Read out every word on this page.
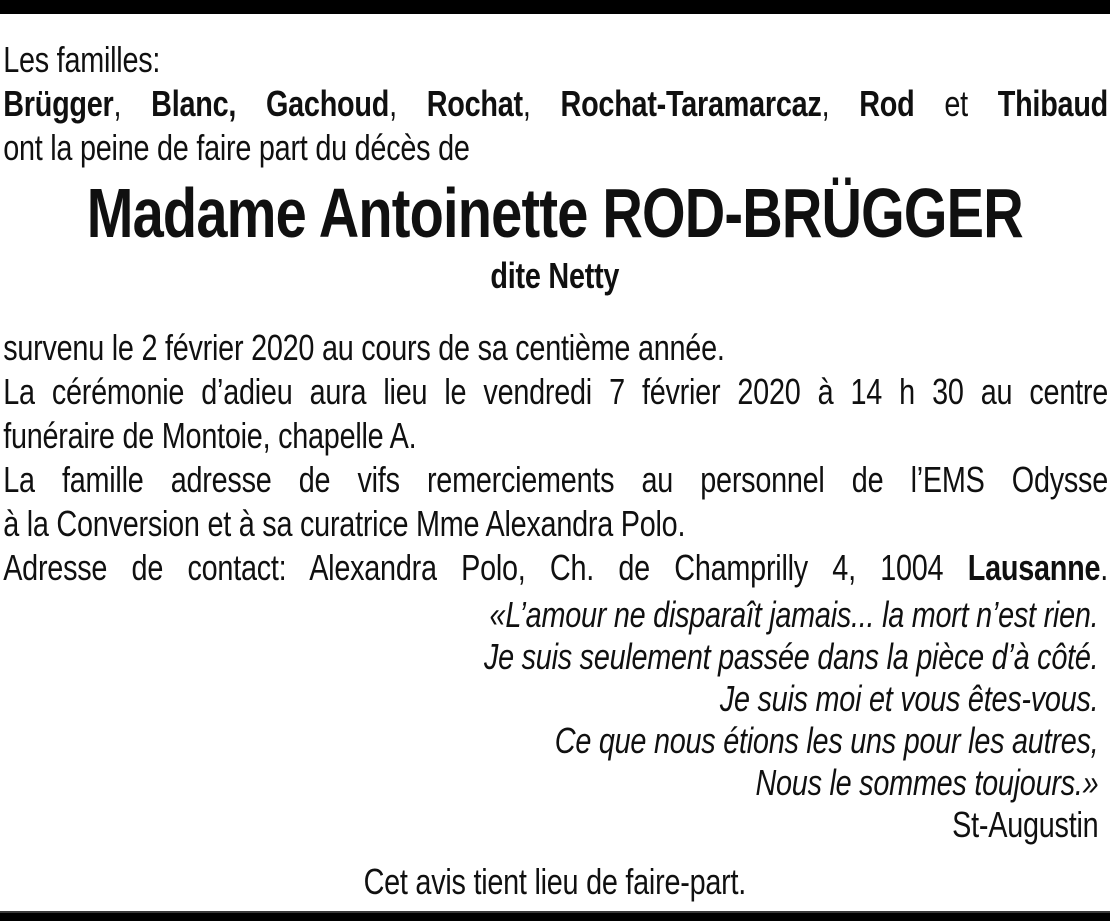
Les familles:
Brügger, Blanc, Gachoud, Rochat, Rochat-Taramarcaz, Rod et Thibaud
ont la peine de faire part du décès de
Madame Antoinette ROD-BRÜGGER
dite Netty
survenu le 2 février 2020 au cours de sa centième année.
La cérémonie d’adieu aura lieu le vendredi 7 février 2020 à 14 h 30 au centre
funéraire de Montoie, chapelle A.
La famille adresse de vifs remerciements au personnel de l’EMS Odysse
à la Conversion et à sa curatrice Mme Alexandra Polo.
Adresse de contact: Alexandra Polo, Ch. de Champrilly 4, 1004 Lausanne.
«L’amour ne disparaît jamais... la mort n’est rien.
Je suis seulement passée dans la pièce d’à côté.
Je suis moi et vous êtes-vous.
Ce que nous étions les uns pour les autres,
Nous le sommes toujours.»
St-Augustin
Cet avis tient lieu de faire-part.
